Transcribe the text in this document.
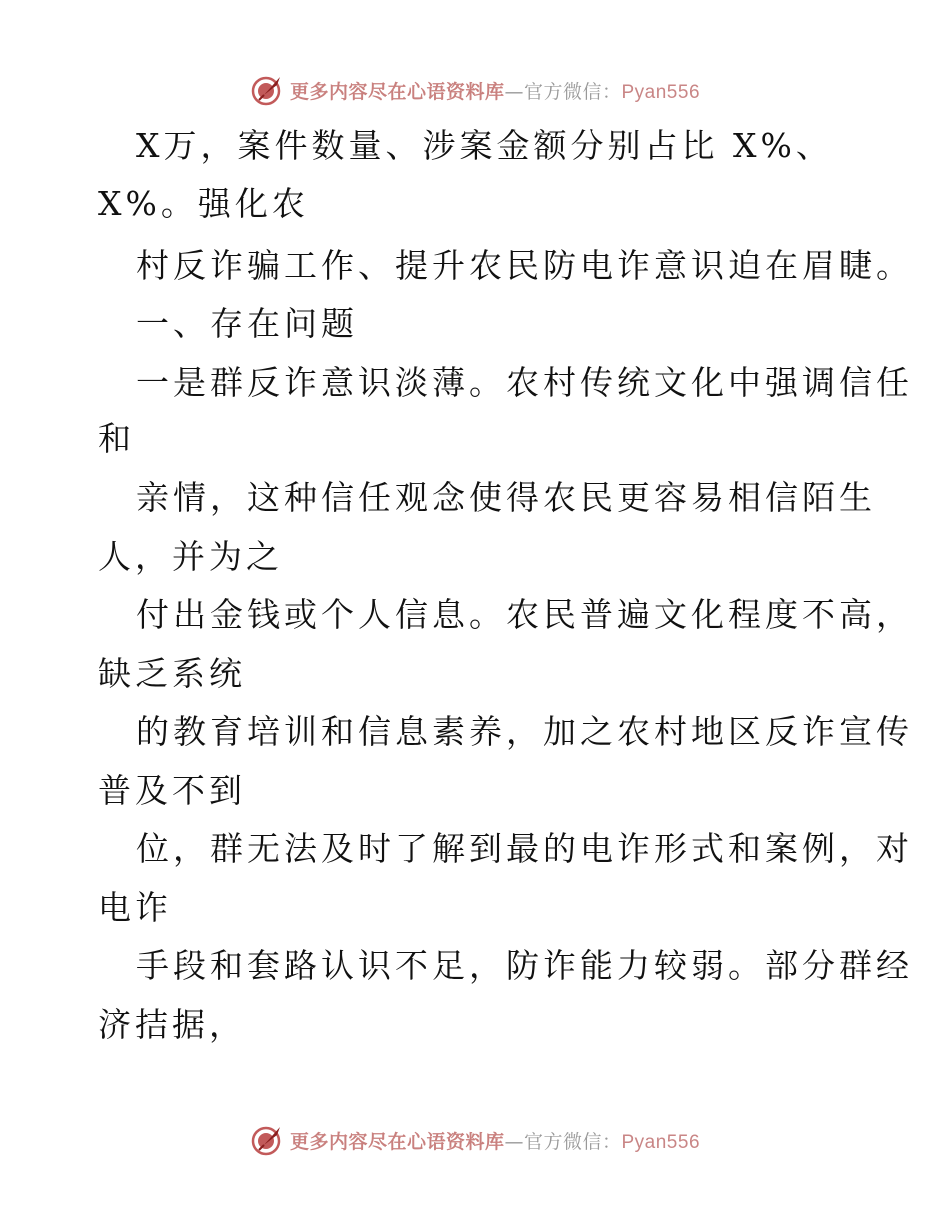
更多内容尽在心语资料库—官方微信：Pyan556
X万，案件数量、涉案金额分别占比 X%、
X%。强化农
村反诈骗工作、提升农民防电诈意识迫在眉睫。
一、存在问题
一是群反诈意识淡薄。农村传统文化中强调信任
和
亲情，这种信任观念使得农民更容易相信陌生
人，并为之
付出金钱或个人信息。农民普遍文化程度不高，
缺乏系统
的教育培训和信息素养，加之农村地区反诈宣传
普及不到
位，群无法及时了解到最的电诈形式和案例，对
电诈
手段和套路认识不足，防诈能力较弱。部分群经
济拮据，
更多内容尽在心语资料库—官方微信：Pyan556
